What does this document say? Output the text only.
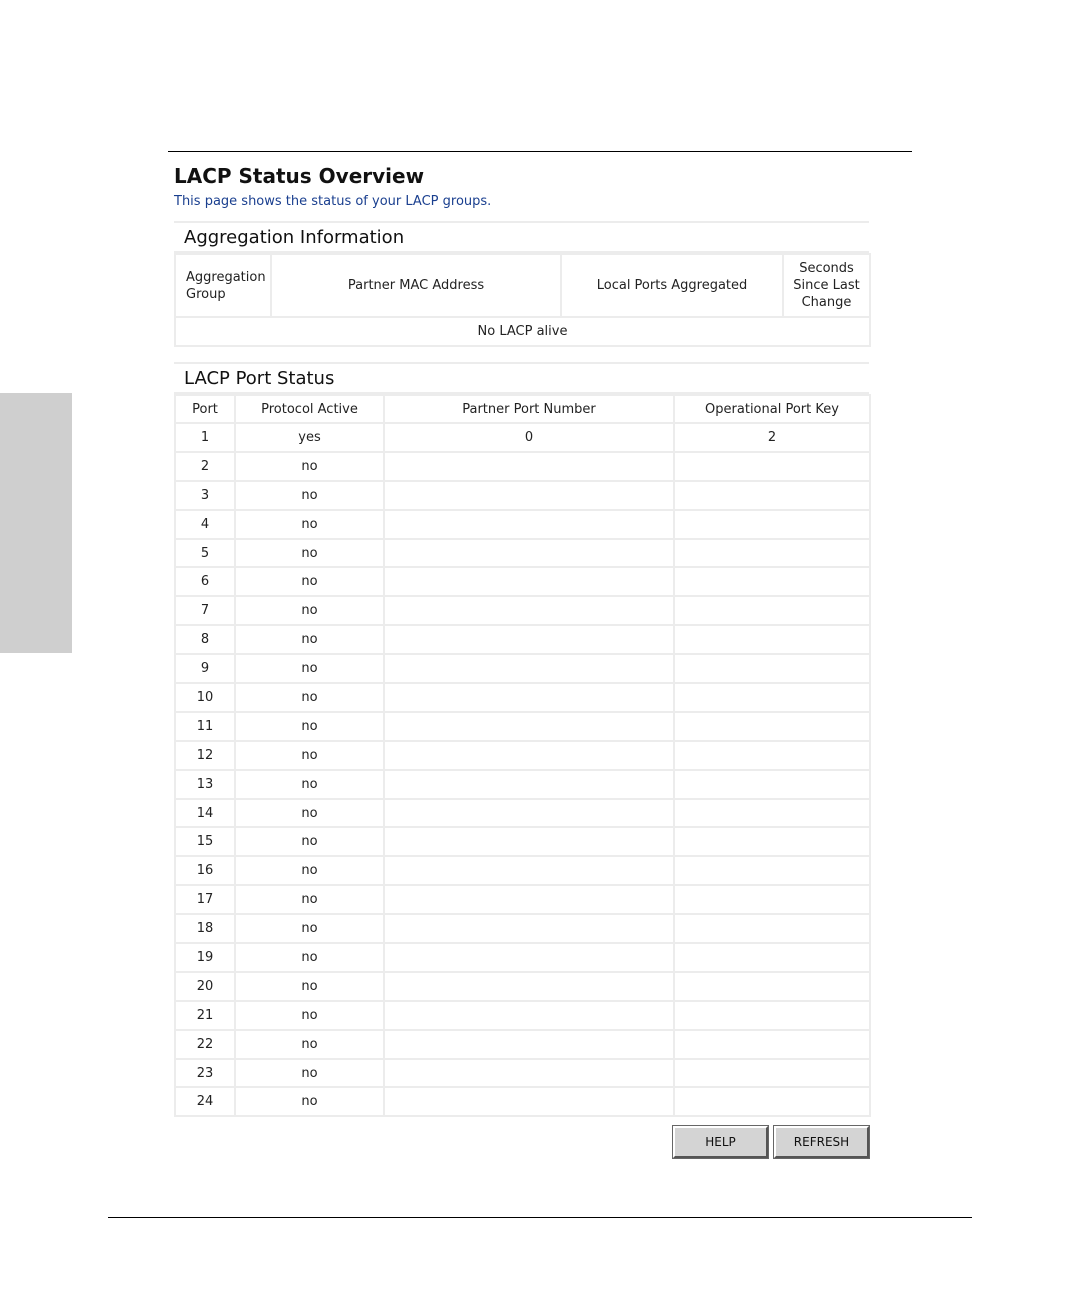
LACP Status Overview

This page shows the status of your LACP groups.

Aggregation Information
Aggregation Group	Partner MAC Address	Local Ports Aggregated	Seconds Since Last Change
No LACP alive
LACP Port Status
Port	Protocol Active	Partner Port Number	Operational Port Key
1	yes	0	2
2	no		
3	no		
4	no		
5	no		
6	no		
7	no		
8	no		
9	no		
10	no		
11	no		
12	no		
13	no		
14	no		
15	no		
16	no		
17	no		
18	no		
19	no		
20	no		
21	no		
22	no		
23	no		
24	no		
HELP	REFRESH
